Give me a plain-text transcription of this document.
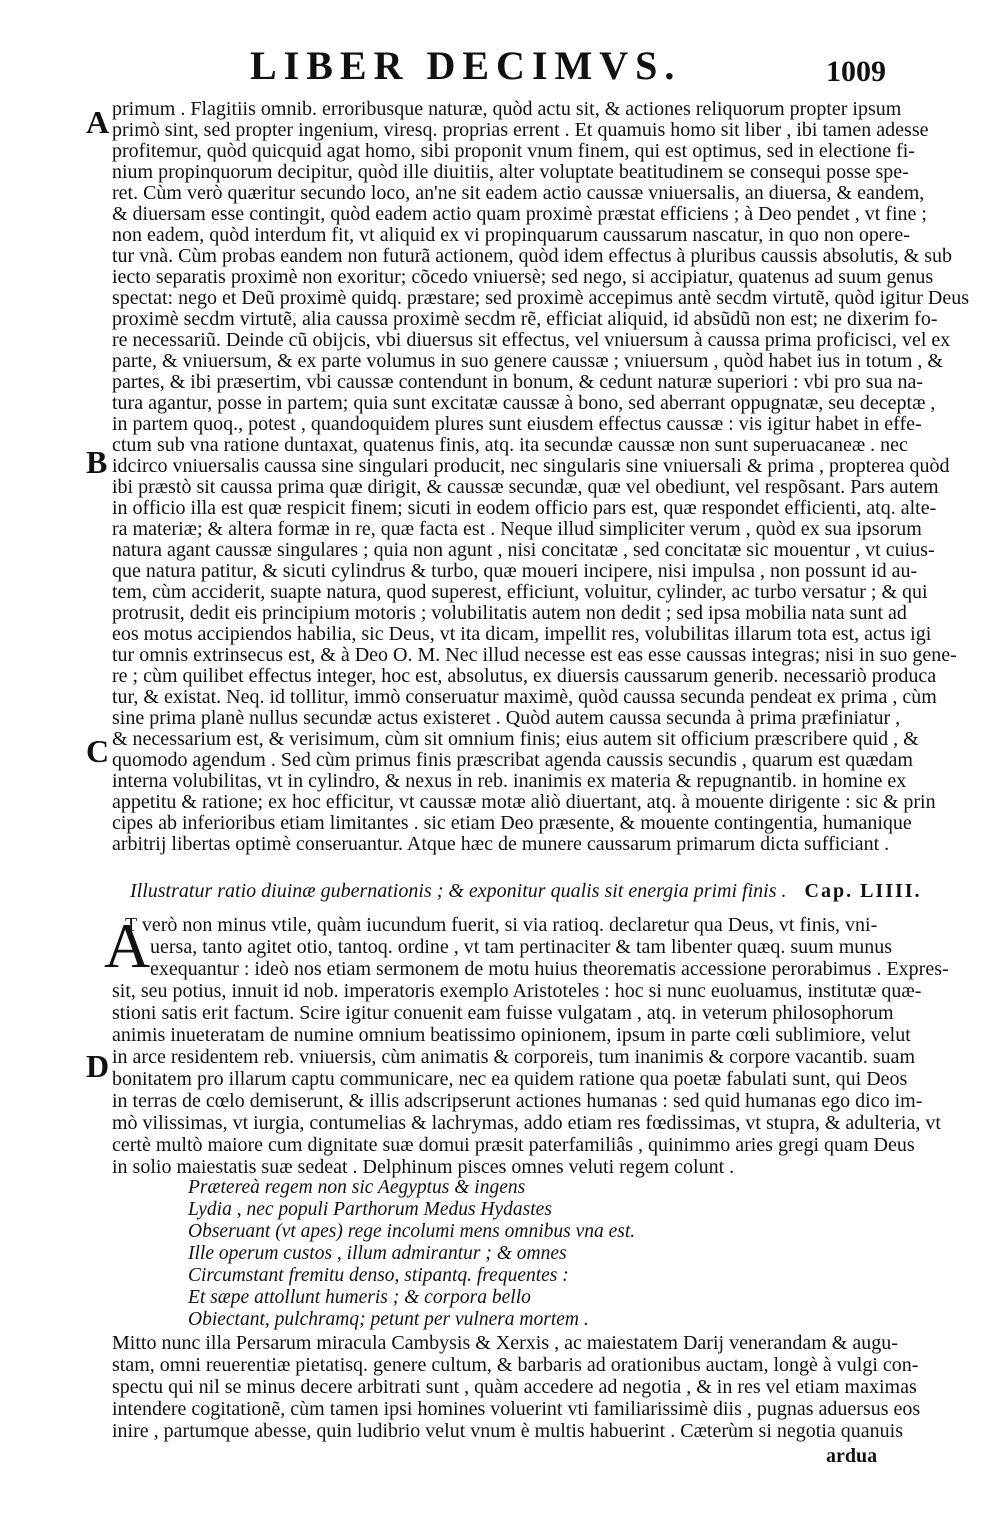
LIBER DECIMVS.	1009
A
B
C
D
primum . Flagitiis omnib. erroribusque naturæ, quòd actu sit, & actiones reliquorum propter ipsum
primò sint, sed propter ingenium, viresq. proprias errent . Et quamuis homo sit liber , ibi tamen adesse
profitemur, quòd quicquid agat homo, sibi proponit vnum finem, qui est optimus, sed in electione fi-
nium propinquorum decipitur, quòd ille diuitiis, alter voluptate beatitudinem se consequi posse spe-
ret. Cùm verò quæritur secundo loco, an'ne sit eadem actio caussæ vniuersalis, an diuersa, & eandem,
& diuersam esse contingit, quòd eadem actio quam proximè præstat efficiens ; à Deo pendet , vt fine ;
non eadem, quòd interdum fit, vt aliquid ex vi propinquarum caussarum nascatur, in quo non opere-
tur vnà. Cùm probas eandem non futurã actionem, quòd idem effectus à pluribus caussis absolutis, & sub
iecto separatis proximè non exoritur; cõcedo vniuersè; sed nego, si accipiatur, quatenus ad suum genus
spectat: nego et Deũ proximè quidq. præstare; sed proximè accepimus antè secdm virtutẽ, quòd igitur Deus
proximè secdm virtutẽ, alia caussa proximè secdm rẽ, efficiat aliquid, id absũdũ non est; ne dixerim fo-
re necessariũ. Deinde cũ obijcis, vbi diuersus sit effectus, vel vniuersum à caussa prima proficisci, vel ex
parte, & vniuersum, & ex parte volumus in suo genere caussæ ; vniuersum , quòd habet ius in totum , &
partes, & ibi præsertim, vbi caussæ contendunt in bonum, & cedunt naturæ superiori : vbi pro sua na-
tura agantur, posse in partem; quia sunt excitatæ caussæ à bono, sed aberrant oppugnatæ, seu deceptæ ,
in partem quoq., potest , quandoquidem plures sunt eiusdem effectus caussæ : vis igitur habet in effe-
ctum sub vna ratione duntaxat, quatenus finis, atq. ita secundæ caussæ non sunt superuacaneæ . nec
idcirco vniuersalis caussa sine singulari producit, nec singularis sine vniuersali & prima , propterea quòd
ibi præstò sit caussa prima quæ dirigit, & caussæ secundæ, quæ vel obediunt, vel respõsant. Pars autem
in officio illa est quæ respicit finem; sicuti in eodem officio pars est, quæ respondet efficienti, atq. alte-
ra materiæ; & altera formæ in re, quæ facta est . Neque illud simpliciter verum , quòd ex sua ipsorum
natura agant caussæ singulares ; quia non agunt , nisi concitatæ , sed concitatæ sic mouentur , vt cuius-
que natura patitur, & sicuti cylindrus & turbo, quæ moueri incipere, nisi impulsa , non possunt id au-
tem, cùm acciderit, suapte natura, quod superest, efficiunt, voluitur, cylinder, ac turbo versatur ; & qui
protrusit, dedit eis principium motoris ; volubilitatis autem non dedit ; sed ipsa mobilia nata sunt ad
eos motus accipiendos habilia, sic Deus, vt ita dicam, impellit res, volubilitas illarum tota est, actus igi
tur omnis extrinsecus est, & à Deo O. M. Nec illud necesse est eas esse caussas integras; nisi in suo gene-
re ; cùm quilibet effectus integer, hoc est, absolutus, ex diuersis caussarum generib. necessariò produca
tur, & existat. Neq. id tollitur, immò conseruatur maximè, quòd caussa secunda pendeat ex prima , cùm
sine prima planè nullus secundæ actus existeret . Quòd autem caussa secunda à prima præfiniatur ,
& necessarium est, & verisimum, cùm sit omnium finis; eius autem sit officium præscribere quid , &
quomodo agendum . Sed cùm primus finis præscribat agenda caussis secundis , quarum est quædam
interna volubilitas, vt in cylindro, & nexus in reb. inanimis ex materia & repugnantib. in homine ex
appetitu & ratione; ex hoc efficitur, vt caussæ motæ aliò diuertant, atq. à mouente dirigente : sic & prin
cipes ab inferioribus etiam limitantes . sic etiam Deo præsente, & mouente contingentia, humanique
arbitrij libertas optimè conseruantur. Atque hæc de munere caussarum primarum dicta sufficiant .
Illustratur ratio diuinæ gubernationis ; & exponitur qualis sit energia primi finis . Cap. LIIII.
A
T verò non minus vtile, quàm iucundum fuerit, si via ratioq. declaretur qua Deus, vt finis, vni-
uersa, tanto agitet otio, tantoq. ordine , vt tam pertinaciter & tam libenter quæq. suum munus
exequantur : ideò nos etiam sermonem de motu huius theorematis accessione perorabimus . Expres-
sit, seu potius, innuit id nob. imperatoris exemplo Aristoteles : hoc si nunc euoluamus, institutæ quæ-
stioni satis erit factum. Scire igitur conuenit eam fuisse vulgatam , atq. in veterum philosophorum
animis inueteratam de numine omnium beatissimo opinionem, ipsum in parte cœli sublimiore, velut
in arce residentem reb. vniuersis, cùm animatis & corporeis, tum inanimis & corpore vacantib. suam
bonitatem pro illarum captu communicare, nec ea quidem ratione qua poetæ fabulati sunt, qui Deos
in terras de cœlo demiserunt, & illis adscripserunt actiones humanas : sed quid humanas ego dico im-
mò vilissimas, vt iurgia, contumelias & lachrymas, addo etiam res fœdissimas, vt stupra, & adulteria, vt
certè multò maiore cum dignitate suæ domui præsit paterfamiliâs , quinimmo aries gregi quam Deus
in solio maiestatis suæ sedeat . Delphinum pisces omnes veluti regem colunt .
Prætereà regem non sic Aegyptus & ingens
Lydia , nec populi Parthorum Medus Hydastes
Obseruant (vt apes) rege incolumi mens omnibus vna est.
Ille operum custos , illum admirantur ; & omnes
Circumstant fremitu denso, stipantq. frequentes :
Et sæpe attollunt humeris ; & corpora bello
Obiectant, pulchramq; petunt per vulnera mortem .
Mitto nunc illa Persarum miracula Cambysis & Xerxis , ac maiestatem Darij venerandam & augu-
stam, omni reuerentiæ pietatisq. genere cultum, & barbaris ad orationibus auctam, longè à vulgi con-
spectu qui nil se minus decere arbitrati sunt , quàm accedere ad negotia , & in res vel etiam maximas
intendere cogitationẽ, cùm tamen ipsi homines voluerint vti familiarissimè diis , pugnas aduersus eos
inire , partumque abesse, quin ludibrio velut vnum è multis habuerint . Cæterùm si negotia quanuis
ardua
